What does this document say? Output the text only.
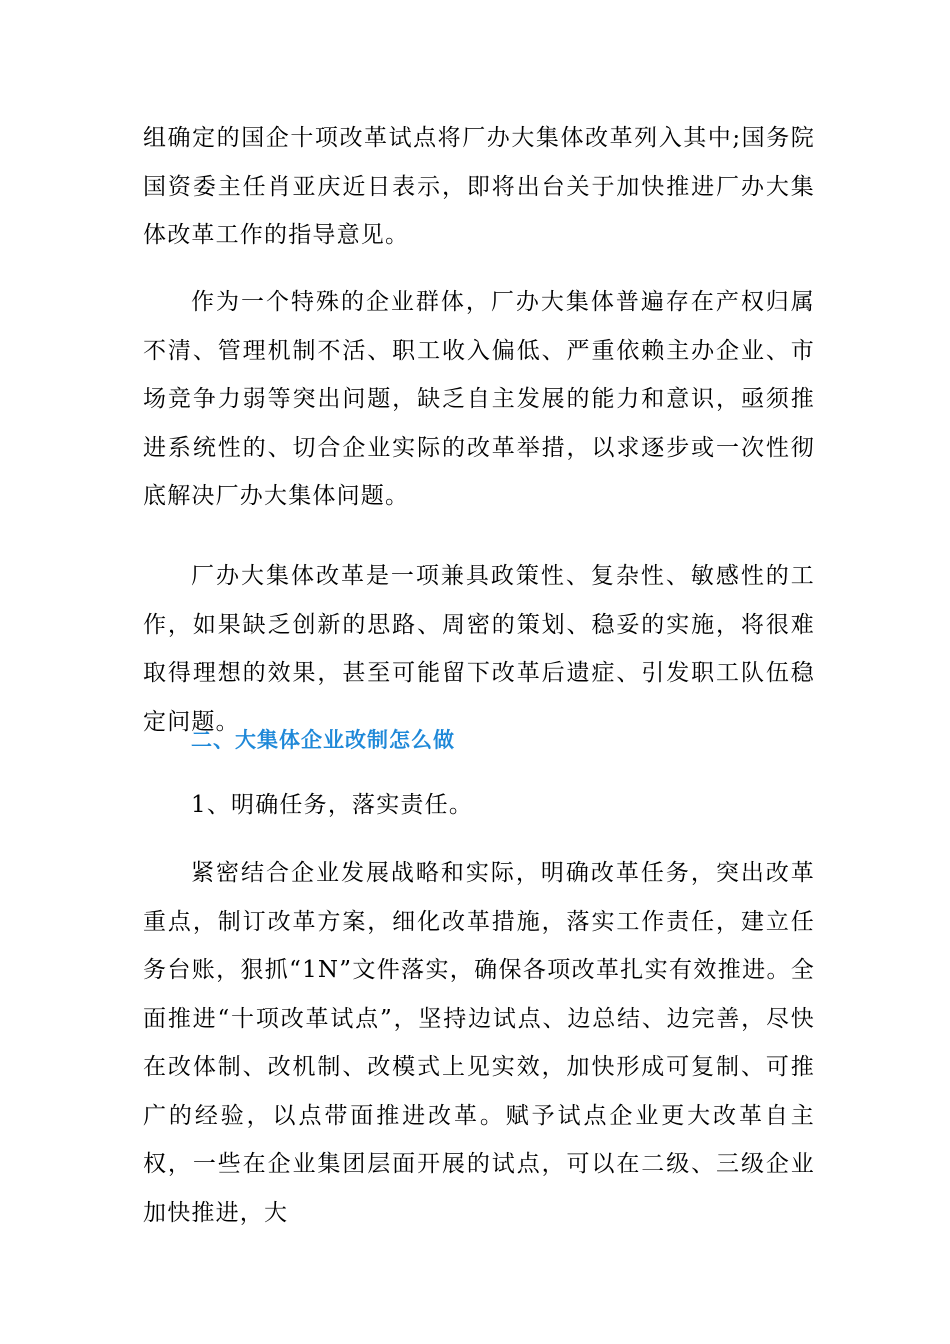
组确定的国企十项改革试点将厂办大集体改革列入其中;国务院国资委主任肖亚庆近日表示，即将出台关于加快推进厂办大集体改革工作的指导意见。

作为一个特殊的企业群体，厂办大集体普遍存在产权归属不清、管理机制不活、职工收入偏低、严重依赖主办企业、市场竞争力弱等突出问题，缺乏自主发展的能力和意识，亟须推进系统性的、切合企业实际的改革举措，以求逐步或一次性彻底解决厂办大集体问题。

厂办大集体改革是一项兼具政策性、复杂性、敏感性的工作，如果缺乏创新的思路、周密的策划、稳妥的实施，将很难取得理想的效果，甚至可能留下改革后遗症、引发职工队伍稳定问题。

二、大集体企业改制怎么做

1、明确任务，落实责任。

紧密结合企业发展战略和实际，明确改革任务，突出改革重点，制订改革方案，细化改革措施，落实工作责任，建立任务台账，狠抓“1N”文件落实，确保各项改革扎实有效推进。全面推进“十项改革试点”，坚持边试点、边总结、边完善，尽快在改体制、改机制、改模式上见实效，加快形成可复制、可推广的经验，以点带面推进改革。赋予试点企业更大改革自主权，一些在企业集团层面开展的试点，可以在二级、三级企业加快推进，大
